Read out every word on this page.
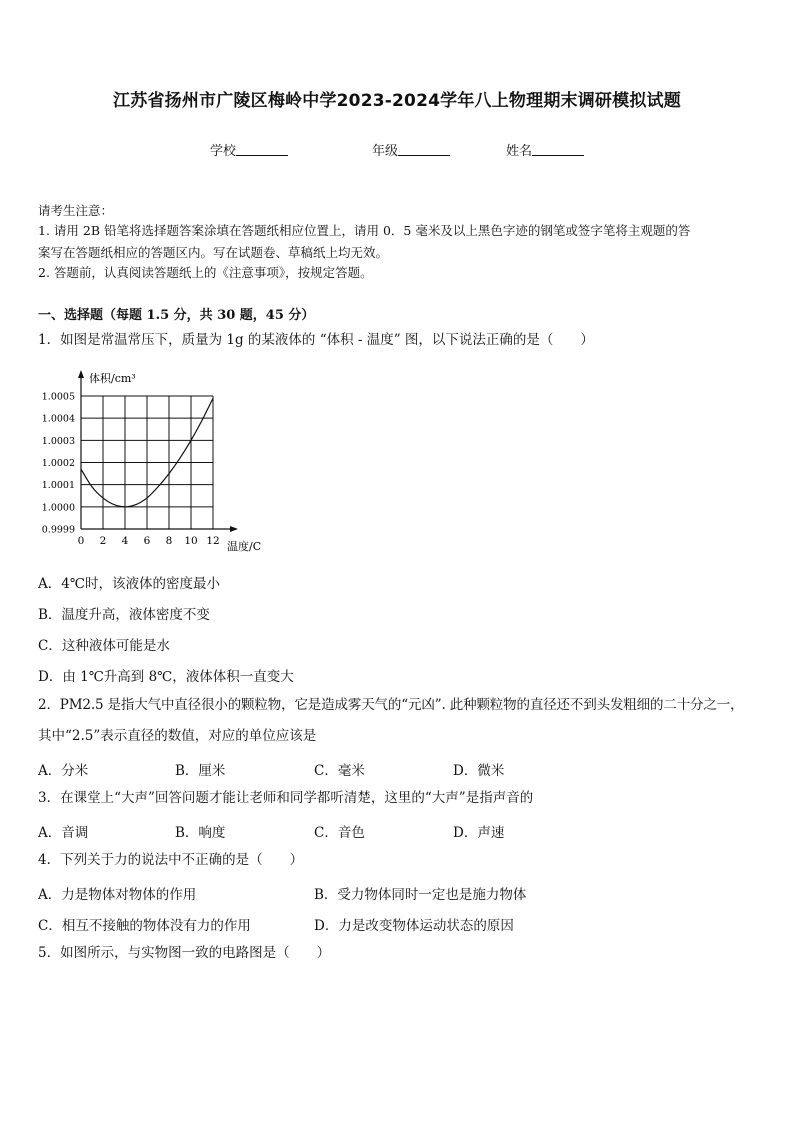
江苏省扬州市广陵区梅岭中学2023-2024学年八上物理期末调研模拟试题
学校	年级	姓名
请考生注意：
1. 请用 2B 铅笔将选择题答案涂填在答题纸相应位置上，请用 0．5 毫米及以上黑色字迹的钢笔或签字笔将主观题的答
案写在答题纸相应的答题区内。写在试题卷、草稿纸上均无效。
2. 答题前，认真阅读答题纸上的《注意事项》，按规定答题。
一、选择题（每题 1.5 分，共 30 题，45 分）
1．如图是常温常压下，质量为 1g 的某液体的 “体积 - 温度” 图，以下说法正确的是（　　）
0 2 4 6 8 10 12
0.9999
1.0000
1.0001
1.0002
1.0003
1.0004
1.0005
体积/cm³
温度/C
A．4℃时，该液体的密度最小
B．温度升高，液体密度不变
C．这种液体可能是水
D．由 1℃升高到 8℃，液体体积一直变大
2．PM2.5 是指大气中直径很小的颗粒物，它是造成雾天气的“元凶”. 此种颗粒物的直径还不到头发粗细的二十分之一，
其中“2.5”表示直径的数值，对应的单位应该是
A．分米	B．厘米	C．毫米	D．微米
3．在课堂上“大声”回答问题才能让老师和同学都听清楚，这里的“大声”是指声音的
A．音调	B．响度	C．音色	D．声速
4．下列关于力的说法中不正确的是（　　）
A．力是物体对物体的作用	B．受力物体同时一定也是施力物体
C．相互不接触的物体没有力的作用	D．力是改变物体运动状态的原因
5．如图所示，与实物图一致的电路图是（　　）
